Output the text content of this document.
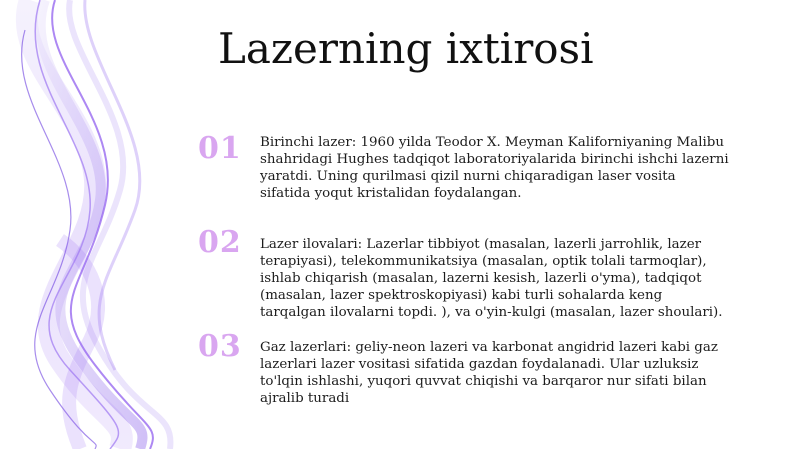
Lazerning ixtirosi
01	Birinchi lazer: 1960 yilda Teodor X. Meyman Kaliforniyaning Malibu shahridagi Hughes tadqiqot laboratoriyalarida birinchi ishchi lazerni yaratdi. Uning qurilmasi qizil nurni chiqaradigan laser vosita sifatida yoqut kristalidan foydalangan.
02	Lazer ilovalari: Lazerlar tibbiyot (masalan, lazerli jarrohlik, lazer terapiyasi), telekommunikatsiya (masalan, optik tolali tarmoqlar), ishlab chiqarish (masalan, lazerni kesish, lazerli o'yma), tadqiqot (masalan, lazer spektroskopiyasi) kabi turli sohalarda keng tarqalgan ilovalarni topdi. ), va o'yin-kulgi (masalan, lazer shoulari).
03	Gaz lazerlari: geliy-neon lazeri va karbonat angidrid lazeri kabi gaz lazerlari lazer vositasi sifatida gazdan foydalanadi. Ular uzluksiz to'lqin ishlashi, yuqori quvvat chiqishi va barqaror nur sifati bilan ajralib turadi
